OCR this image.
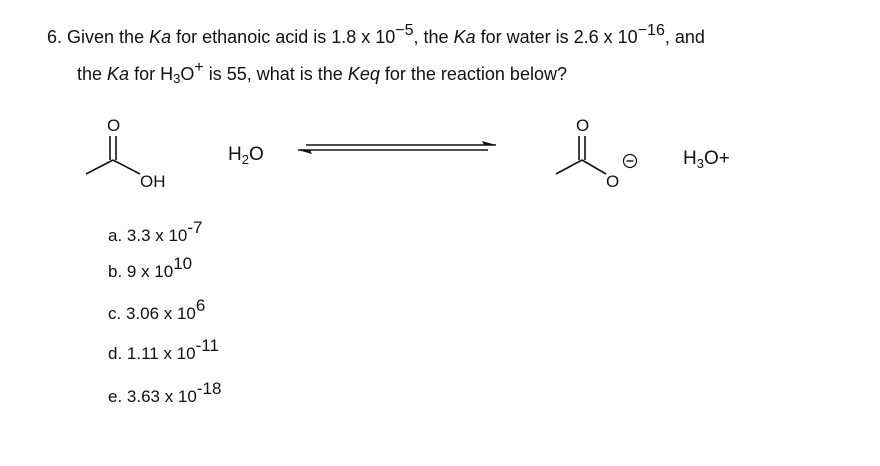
6. Given the Ka for ethanoic acid is 1.8 x $10^{-5}$, the Ka for water is 2.6 x $10^{-16}$, and
the Ka for $H_3O^+$ is 55, what is the Keq for the reaction below?
O
OH
$H_2O$
O
O
$H_3O+$
a. 3.3 x $10^{-7}$
b. 9 x $10^{10}$
c. 3.06 x $10^6$
d. 1.11 x $10^{-11}$
e. 3.63 x $10^{-18}$
